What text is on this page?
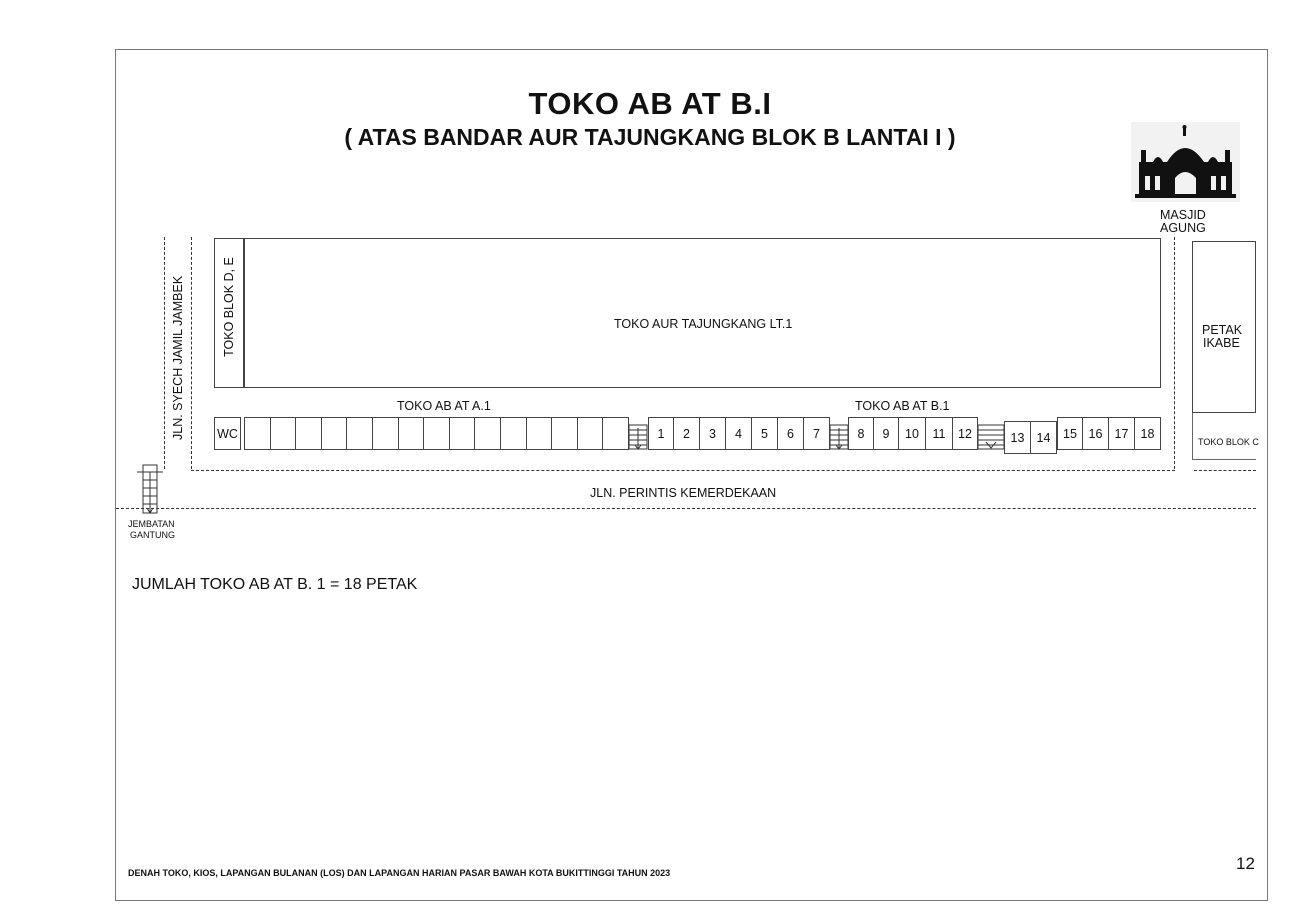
TOKO AB AT B.I
( ATAS BANDAR AUR TAJUNGKANG BLOK B LANTAI I )
MASJID
AGUNG
TOKO AUR TAJUNGKANG LT.1
TOKO BLOK D, E
JLN. SYECH JAMIL JAMBEK	TOKO AB AT A.1	TOKO AB AT B.1
WC	1	2	3	4	5	6	7	8	9	10	11	12	13 14	15 16 17 18
PETAK
IKABE
TOKO BLOK C
JLN. PERINTIS KEMERDEKAAN
JEMBATAN
GANTUNG
JUMLAH TOKO AB AT B. 1 = 18 PETAK
DENAH TOKO, KIOS, LAPANGAN BULANAN (LOS) DAN LAPANGAN HARIAN PASAR BAWAH KOTA BUKITTINGGI TAHUN 2023	12
